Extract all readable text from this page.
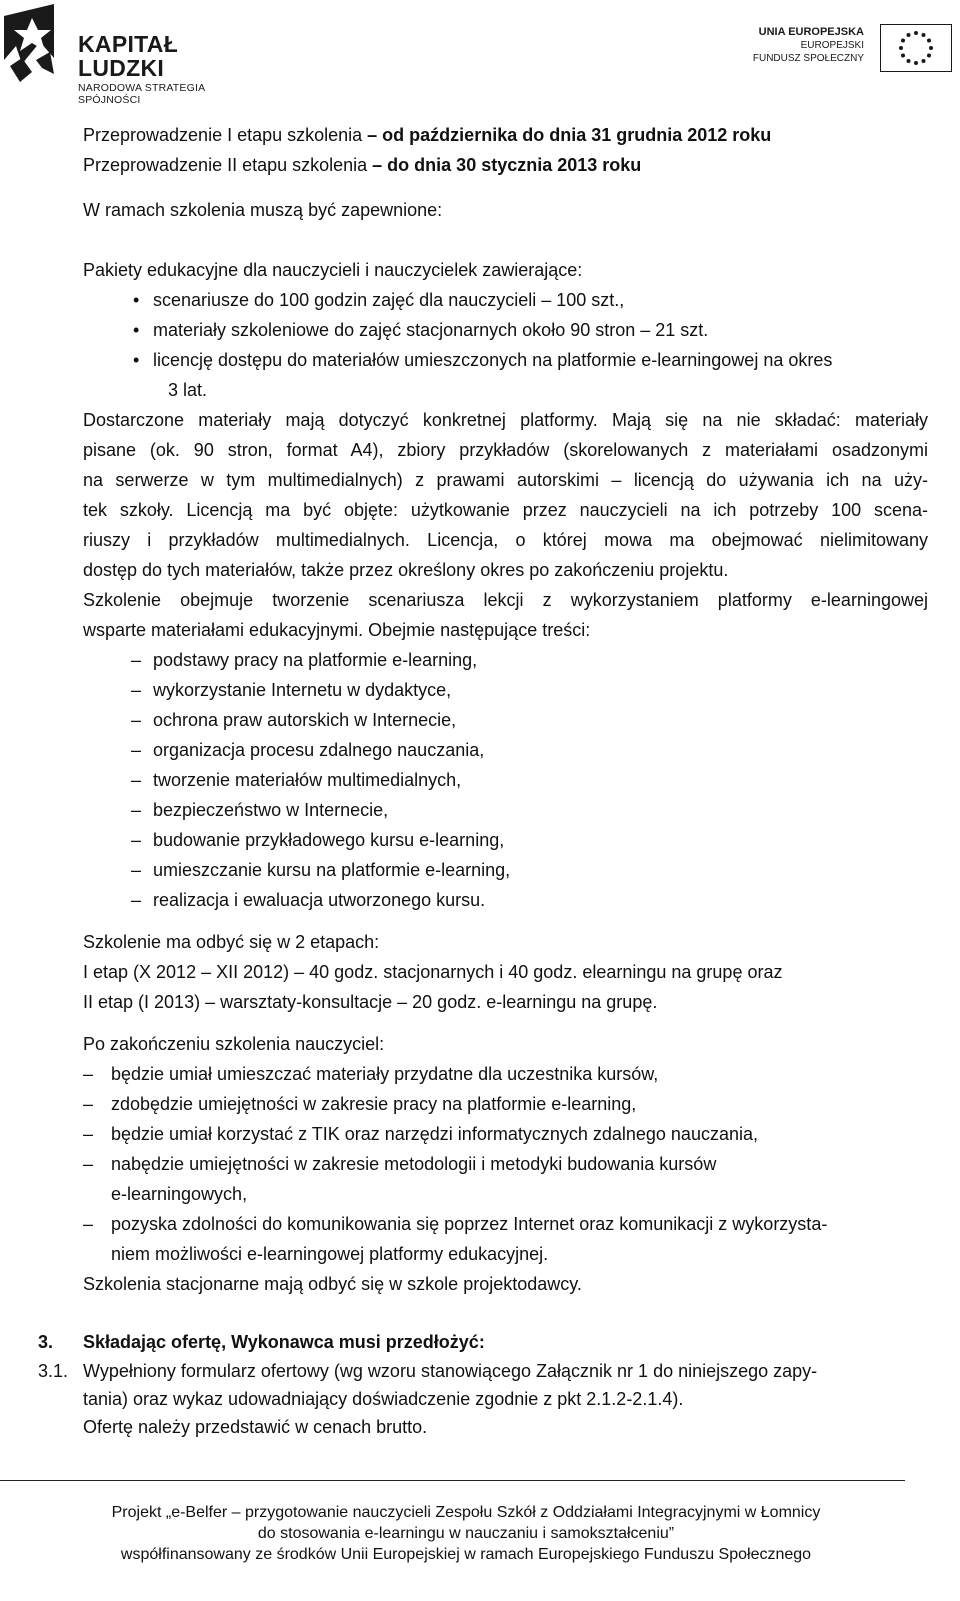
KAPITAŁ LUDZKI
NARODOWA STRATEGIA SPÓJNOŚCI
UNIA EUROPEJSKA
EUROPEJSKI
FUNDUSZ SPOŁECZNY
Przeprowadzenie I etapu szkolenia – od października do dnia 31 grudnia 2012 roku
Przeprowadzenie II etapu szkolenia – do dnia 30 stycznia 2013 roku
W ramach szkolenia muszą być zapewnione:
Pakiety edukacyjne dla nauczycieli i nauczycielek zawierające:
• scenariusze do 100 godzin zajęć dla nauczycieli – 100 szt.,
• materiały szkoleniowe do zajęć stacjonarnych około 90 stron – 21 szt.
• licencję dostępu do materiałów umieszczonych na platformie e-learningowej na okres
3 lat.
Dostarczone materiały mają dotyczyć konkretnej platformy. Mają się na nie składać: materiały
pisane (ok. 90 stron, format A4), zbiory przykładów (skorelowanych z materiałami osadzonymi
na serwerze w tym multimedialnych) z prawami autorskimi – licencją do używania ich na uży-
tek szkoły. Licencją ma być objęte: użytkowanie przez nauczycieli na ich potrzeby 100 scena-
riuszy i przykładów multimedialnych. Licencja, o której mowa ma obejmować nielimitowany
dostęp do tych materiałów, także przez określony okres po zakończeniu projektu.
Szkolenie obejmuje tworzenie scenariusza lekcji z wykorzystaniem platformy e-learningowej
wsparte materiałami edukacyjnymi. Obejmie następujące treści:
– podstawy pracy na platformie e-learning,
– wykorzystanie Internetu w dydaktyce,
– ochrona praw autorskich w Internecie,
– organizacja procesu zdalnego nauczania,
– tworzenie materiałów multimedialnych,
– bezpieczeństwo w Internecie,
– budowanie przykładowego kursu e-learning,
– umieszczanie kursu na platformie e-learning,
– realizacja i ewaluacja utworzonego kursu.
Szkolenie ma odbyć się w 2 etapach:
I etap (X 2012 – XII 2012) – 40 godz. stacjonarnych i 40 godz. elearningu na grupę oraz
II etap (I 2013) – warsztaty-konsultacje – 20 godz. e-learningu na grupę.
Po zakończeniu szkolenia nauczyciel:
– będzie umiał umieszczać materiały przydatne dla uczestnika kursów,
– zdobędzie umiejętności w zakresie pracy na platformie e-learning,
– będzie umiał korzystać z TIK oraz narzędzi informatycznych zdalnego nauczania,
– nabędzie umiejętności w zakresie metodologii i metodyki budowania kursów
e-learningowych,
– pozyska zdolności do komunikowania się poprzez Internet oraz komunikacji z wykorzysta-
niem możliwości e-learningowej platformy edukacyjnej.
Szkolenia stacjonarne mają odbyć się w szkole projektodawcy.
3. Składając ofertę, Wykonawca musi przedłożyć:
3.1. Wypełniony formularz ofertowy (wg wzoru stanowiącego Załącznik nr 1 do niniejszego zapy-
tania) oraz wykaz udowadniający doświadczenie zgodnie z pkt 2.1.2-2.1.4).
Ofertę należy przedstawić w cenach brutto.
Projekt „e-Belfer – przygotowanie nauczycieli Zespołu Szkół z Oddziałami Integracyjnymi w Łomnicy
do stosowania e-learningu w nauczaniu i samokształceniu”
współfinansowany ze środków Unii Europejskiej w ramach Europejskiego Funduszu Społecznego
